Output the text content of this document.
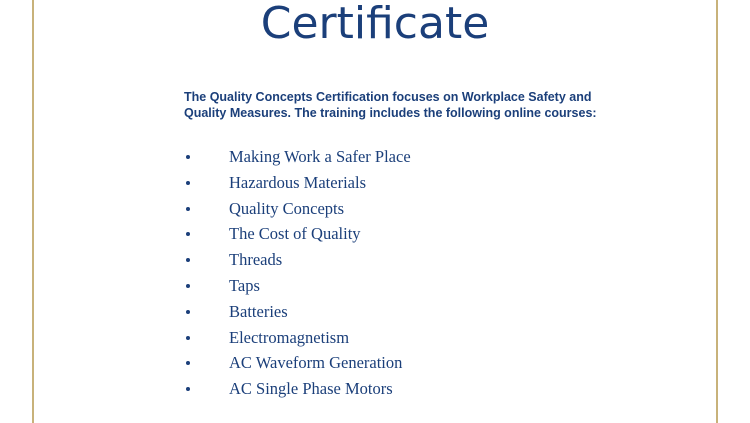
Certificate
The Quality Concepts Certification focuses on Workplace Safety and
Quality Measures. The training includes the following online courses:
Making Work a Safer Place
Hazardous Materials
Quality Concepts
The Cost of Quality
Threads
Taps
Batteries
Electromagnetism
AC Waveform Generation
AC Single Phase Motors
